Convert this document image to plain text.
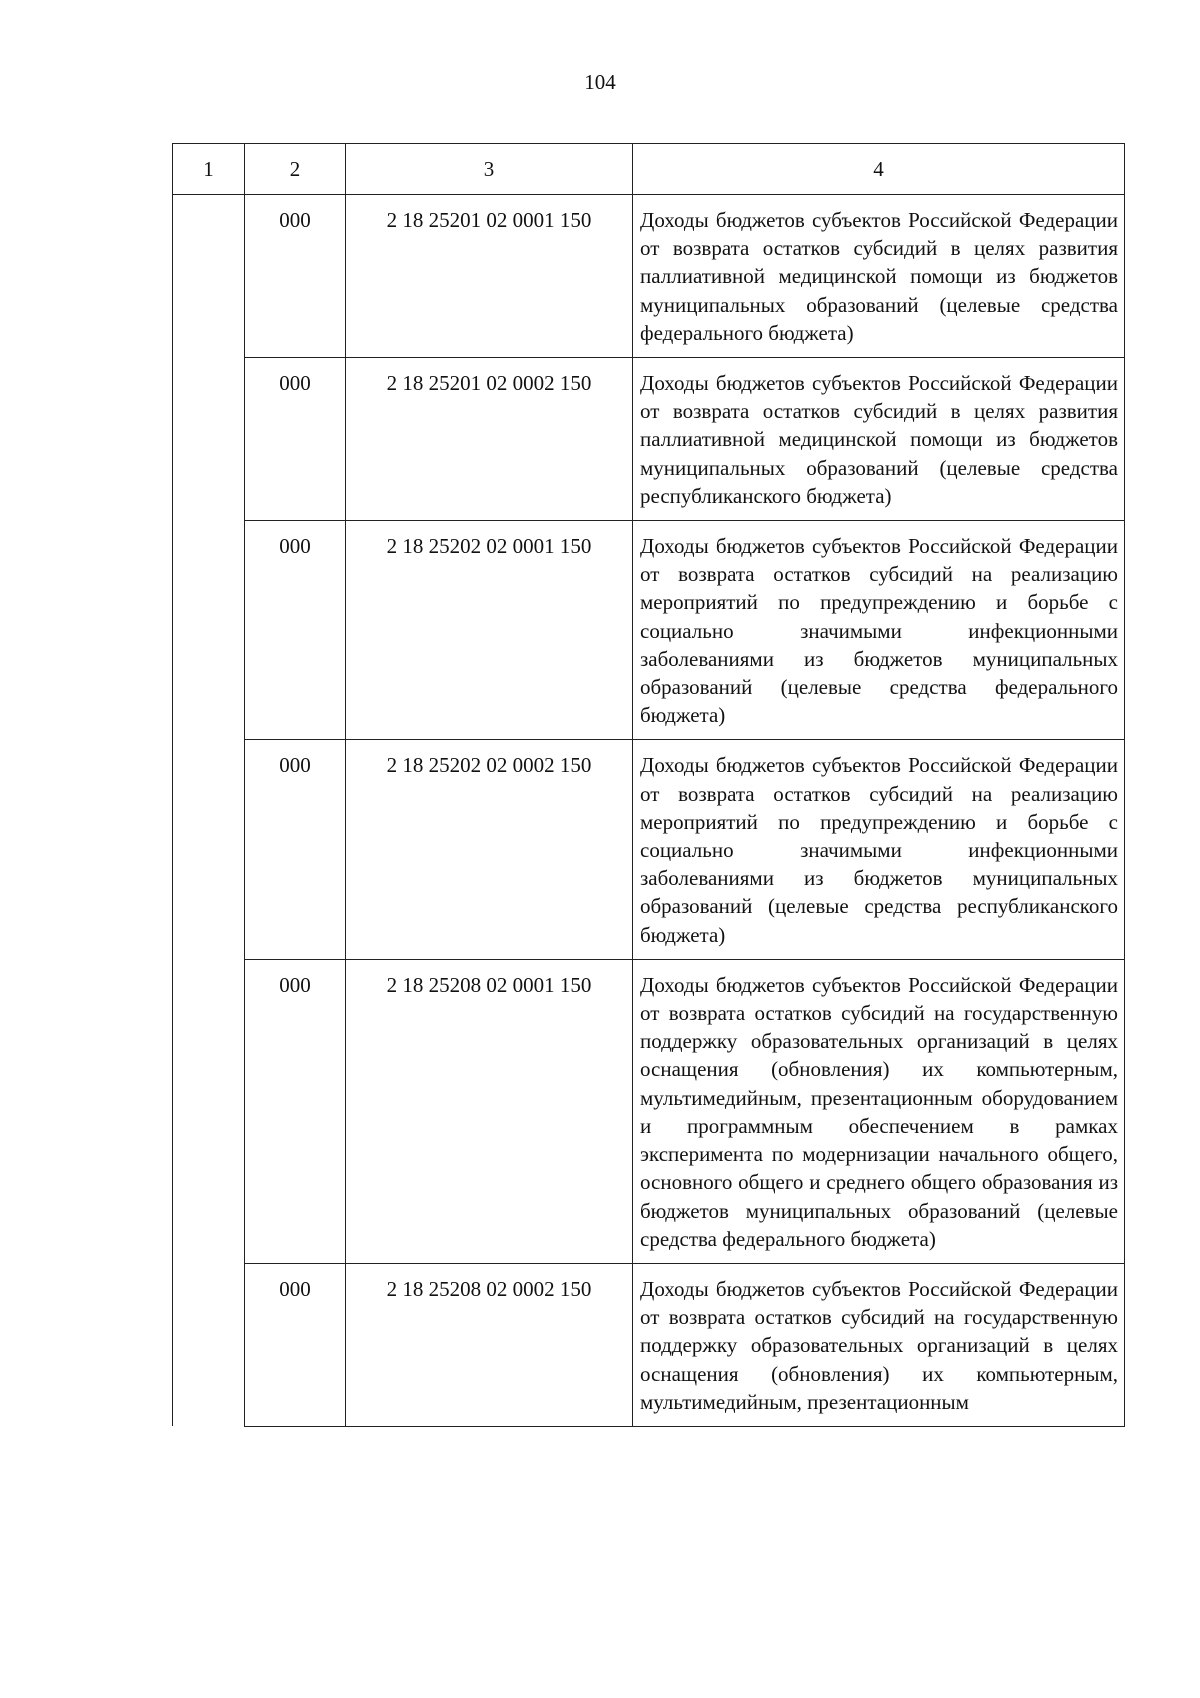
104
1	2	3	4
	000	2 18 25201 02 0001 150	Доходы бюджетов субъектов Российской Федерации от возврата остатков субсидий в целях развития паллиативной медицинской помощи из бюджетов муниципальных образований (целевые средства федерального бюджета)

	000	2 18 25201 02 0002 150	Доходы бюджетов субъектов Российской Федерации от возврата остатков субсидий в целях развития паллиативной медицинской помощи из бюджетов муниципальных образований (целевые средства республиканского бюджета)

	000	2 18 25202 02 0001 150	Доходы бюджетов субъектов Российской Федерации от возврата остатков субсидий на реализацию мероприятий по предупреждению и борьбе с социально значимыми инфекционными заболеваниями из бюджетов муниципальных образований (целевые средства федерального бюджета)

	000	2 18 25202 02 0002 150	Доходы бюджетов субъектов Российской Федерации от возврата остатков субсидий на реализацию мероприятий по предупреждению и борьбе с социально значимыми инфекционными заболеваниями из бюджетов муниципальных образований (целевые средства республиканского бюджета)

	000	2 18 25208 02 0001 150	Доходы бюджетов субъектов Российской Федерации от возврата остатков субсидий на государственную поддержку образовательных организаций в целях оснащения (обновления) их компьютерным, мультимедийным, презентационным оборудованием и программным обеспечением в рамках эксперимента по модернизации начального общего, основного общего и среднего общего образования из бюджетов муниципальных образований (целевые средства федерального бюджета)

	000	2 18 25208 02 0002 150	Доходы бюджетов субъектов Российской Федерации от возврата остатков субсидий на государственную поддержку образовательных организаций в целях оснащения (обновления) их компьютерным, мультимедийным, презентационным
